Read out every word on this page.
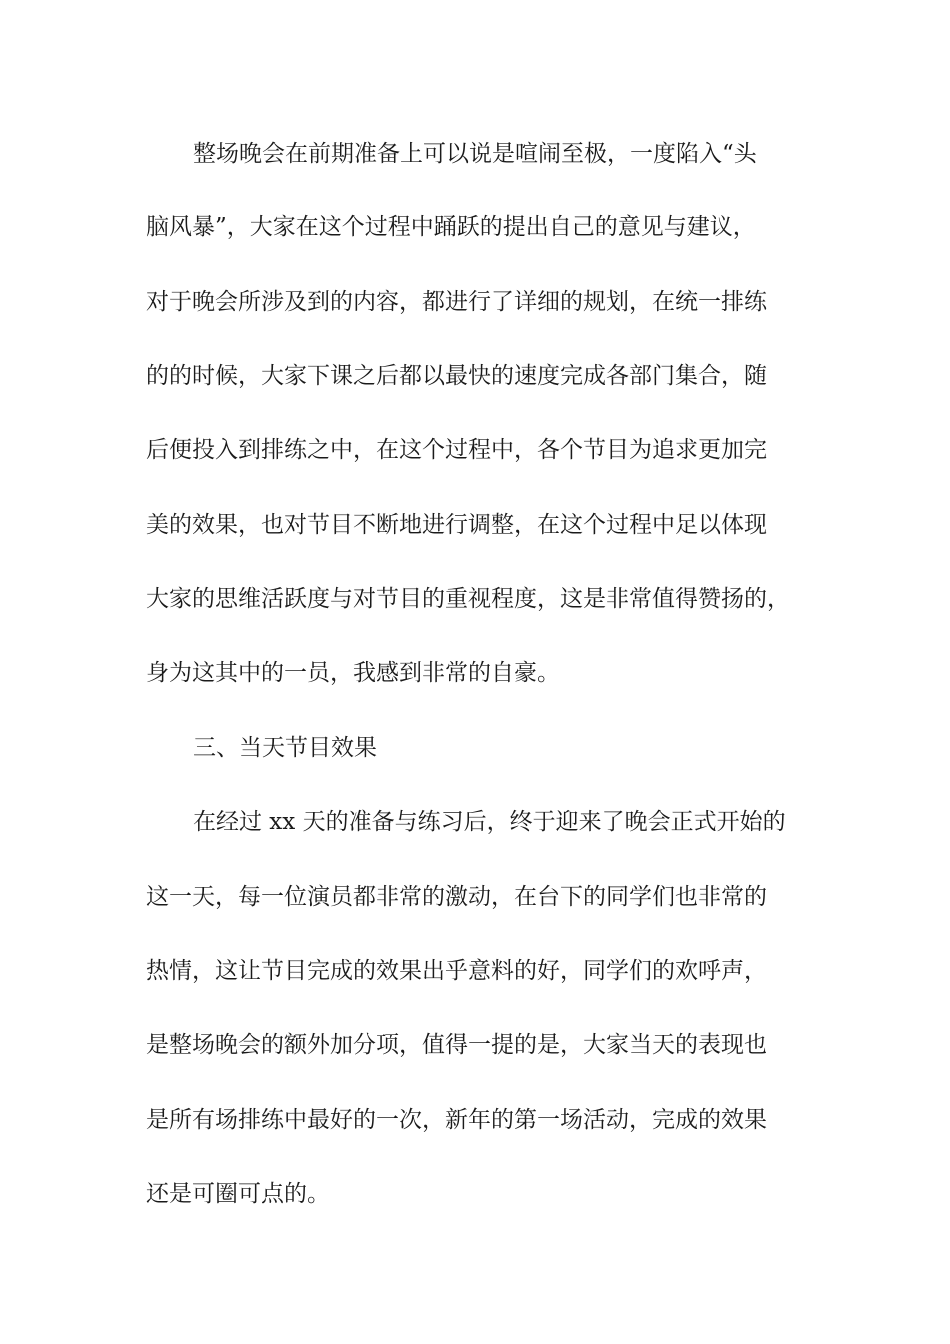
整场晚会在前期准备上可以说是喧闹至极，一度陷入“头
脑风暴”，大家在这个过程中踊跃的提出自己的意见与建议，
对于晚会所涉及到的内容，都进行了详细的规划，在统一排练
的的时候，大家下课之后都以最快的速度完成各部门集合，随
后便投入到排练之中，在这个过程中，各个节目为追求更加完
美的效果，也对节目不断地进行调整，在这个过程中足以体现
大家的思维活跃度与对节目的重视程度，这是非常值得赞扬的，
身为这其中的一员，我感到非常的自豪。
三、当天节目效果
在经过 xx 天的准备与练习后，终于迎来了晚会正式开始的
这一天，每一位演员都非常的激动，在台下的同学们也非常的
热情，这让节目完成的效果出乎意料的好，同学们的欢呼声，
是整场晚会的额外加分项，值得一提的是，大家当天的表现也
是所有场排练中最好的一次，新年的第一场活动，完成的效果
还是可圈可点的。
